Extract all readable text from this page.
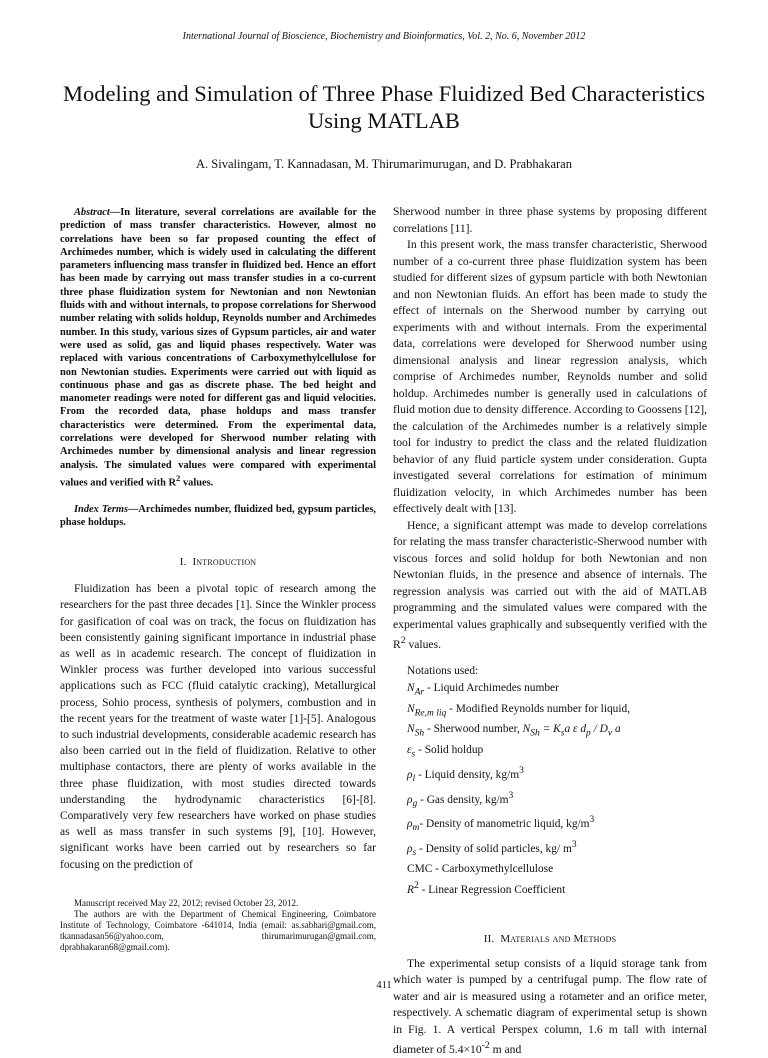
International Journal of Bioscience, Biochemistry and Bioinformatics, Vol. 2, No. 6, November 2012
Modeling and Simulation of Three Phase Fluidized Bed Characteristics Using MATLAB
A. Sivalingam, T. Kannadasan, M. Thirumarimurugan, and D. Prabhakaran

Abstract—In literature, several correlations are available for the prediction of mass transfer characteristics. However, almost no correlations have been so far proposed counting the effect of Archimedes number, which is widely used in calculating the different parameters influencing mass transfer in fluidized bed. Hence an effort has been made by carrying out mass transfer studies in a co-current three phase fluidization system for Newtonian and non Newtonian fluids with and without internals, to propose correlations for Sherwood number relating with solids holdup, Reynolds number and Archimedes number. In this study, various sizes of Gypsum particles, air and water were used as solid, gas and liquid phases respectively. Water was replaced with various concentrations of Carboxymethylcellulose for non Newtonian studies. Experiments were carried out with liquid as continuous phase and gas as discrete phase. The bed height and manometer readings were noted for different gas and liquid velocities. From the recorded data, phase holdups and mass transfer characteristics were determined. From the experimental data, correlations were developed for Sherwood number relating with Archimedes number by dimensional analysis and linear regression analysis. The simulated values were compared with experimental values and verified with $R^2$ values.

Index Terms—Archimedes number, fluidized bed, gypsum particles, phase holdups.

I. Introduction

Fluidization has been a pivotal topic of research among the researchers for the past three decades [1]. Since the Winkler process for gasification of coal was on track, the focus on fluidization has been consistently gaining significant importance in industrial phase as well as in academic research. The concept of fluidization in Winkler process was further developed into various successful applications such as FCC (fluid catalytic cracking), Metallurgical process, Sohio process, synthesis of polymers, combustion and in the recent years for the treatment of waste water [1]-[5]. Analogous to such industrial developments, considerable academic research has also been carried out in the field of fluidization. Relative to other multiphase contactors, there are plenty of works available in the three phase fluidization, with most studies directed towards understanding the hydrodynamic characteristics [6]-[8]. Comparatively very few researchers have worked on phase studies as well as mass transfer in such systems [9], [10]. However, significant works have been carried out by researchers so far focusing on the prediction of

Manuscript received May 22, 2012; revised October 23, 2012.

The authors are with the Department of Chemical Engineering, Coimbatore Institute of Technology, Coimbatore -641014, India (email: as.sabhari@gmail.com, tkannadasan56@yahoo.com, thirumarimurugan@gmail.com, dprabhakaran68@gmail.com).

Sherwood number in three phase systems by proposing different correlations [11].

In this present work, the mass transfer characteristic, Sherwood number of a co-current three phase fluidization system has been studied for different sizes of gypsum particle with both Newtonian and non Newtonian fluids. An effort has been made to study the effect of internals on the Sherwood number by carrying out experiments with and without internals. From the experimental data, correlations were developed for Sherwood number using dimensional analysis and linear regression analysis, which comprise of Archimedes number, Reynolds number and solid holdup. Archimedes number is generally used in calculations of fluid motion due to density difference. According to Goossens [12], the calculation of the Archimedes number is a relatively simple tool for industry to predict the class and the related fluidization behavior of any fluid particle system under consideration. Gupta investigated several correlations for estimation of minimum fluidization velocity, in which Archimedes number has been effectively dealt with [13].

Hence, a significant attempt was made to develop correlations for relating the mass transfer characteristic-Sherwood number with viscous forces and solid holdup for both Newtonian and non Newtonian fluids, in the presence and absence of internals. The regression analysis was carried out with the aid of MATLAB programming and the simulated values were compared with the experimental values graphically and subsequently verified with the $R^2$ values.

Notations used:
$N_{Ar}$ - Liquid Archimedes number
$N_{Re,m liq}$ - Modified Reynolds number for liquid,
$N_{Sh}$ - Sherwood number, $N_{Sh} = K_sa$ ε $d_p / D_v$ a
$\varepsilon_s$ - Solid holdup
$\rho_l$ - Liquid density, $kg/m^3$
$\rho_g$ - Gas density, $kg/m^3$
$\rho_m-$ Density of manometric liquid, $kg/m^3$
$\rho_s$ - Density of solid particles, kg/ $m^3$
CMC - Carboxymethylcellulose
$R^2$ - Linear Regression Coefficient

II. Materials and Methods

The experimental setup consists of a liquid storage tank from which water is pumped by a centrifugal pump. The flow rate of water and air is measured using a rotameter and an orifice meter, respectively. A schematic diagram of experimental setup is shown in Fig. 1. A vertical Perspex column, 1.6 m tall with internal diameter of $5.4\times 10^{-2}$ m and

411
